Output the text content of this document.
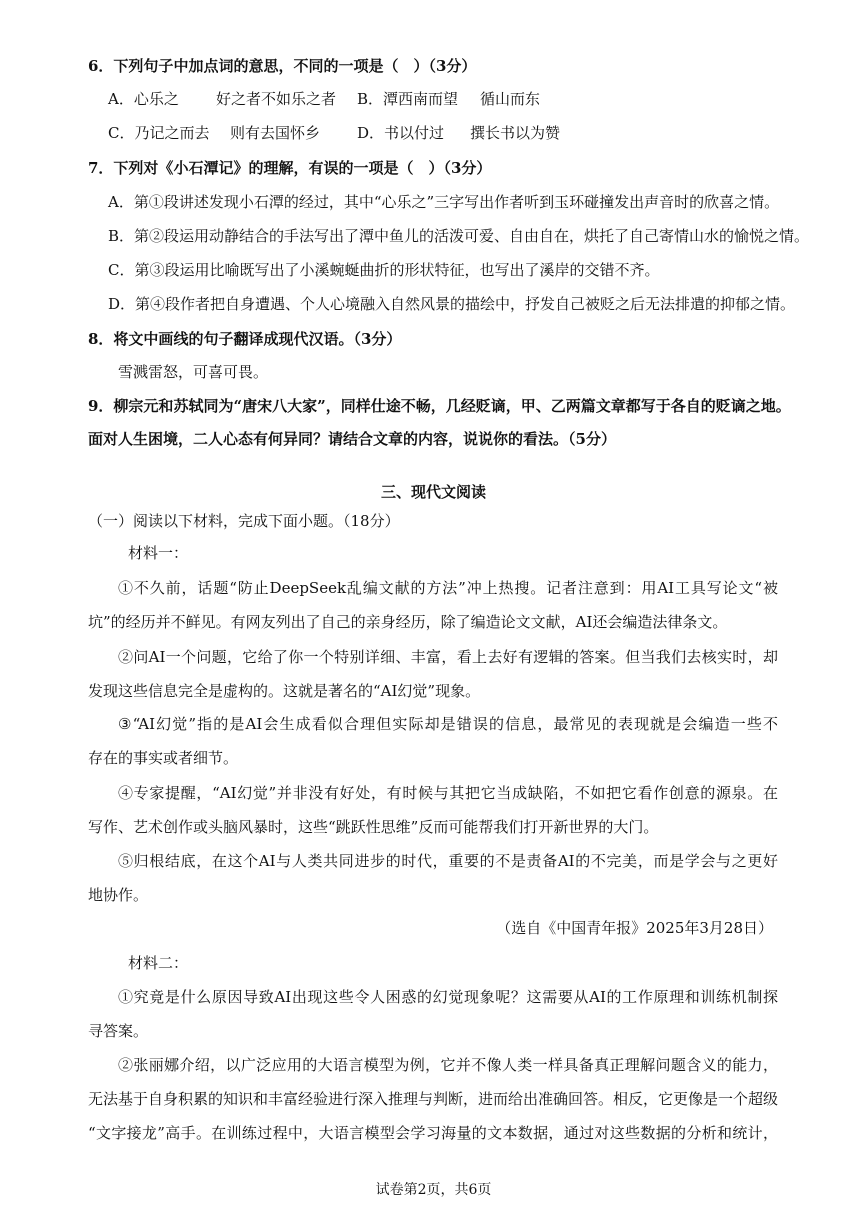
6．下列句子中加点词的意思，不同的一项是（　）（3分）
A．心乐之 好之者不如乐之者 B．潭西南而望 循山而东
C．乃记之而去 则有去国怀乡 D．书以付过 撰长书以为赞
7．下列对《小石潭记》的理解，有误的一项是（　）（3分）
A．第①段讲述发现小石潭的经过，其中“心乐之”三字写出作者听到玉环碰撞发出声音时的欣喜之情。
B．第②段运用动静结合的手法写出了潭中鱼儿的活泼可爱、自由自在，烘托了自己寄情山水的愉悦之情。
C．第③段运用比喻既写出了小溪蜿蜒曲折的形状特征，也写出了溪岸的交错不齐。
D．第④段作者把自身遭遇、个人心境融入自然风景的描绘中，抒发自己被贬之后无法排遣的抑郁之情。
8．将文中画线的句子翻译成现代汉语。（3分）
雪溅雷怒，可喜可畏。
9．柳宗元和苏轼同为“唐宋八大家”，同样仕途不畅，几经贬谪，甲、乙两篇文章都写于各自的贬谪之地。
面对人生困境，二人心态有何异同？请结合文章的内容，说说你的看法。（5分）
三、现代文阅读
（一）阅读以下材料，完成下面小题。（18分）
材料一：
①不久前，话题“防止DeepSeek乱编文献的方法”冲上热搜。记者注意到：用AI工具写论文“被
坑”的经历并不鲜见。有网友列出了自己的亲身经历，除了编造论文文献，AI还会编造法律条文。
②问AI一个问题，它给了你一个特别详细、丰富，看上去好有逻辑的答案。但当我们去核实时，却
发现这些信息完全是虚构的。这就是著名的“AI幻觉”现象。
③“AI幻觉”指的是AI会生成看似合理但实际却是错误的信息，最常见的表现就是会编造一些不
存在的事实或者细节。
④专家提醒，“AI幻觉”并非没有好处，有时候与其把它当成缺陷，不如把它看作创意的源泉。在
写作、艺术创作或头脑风暴时，这些“跳跃性思维”反而可能帮我们打开新世界的大门。
⑤归根结底，在这个AI与人类共同进步的时代，重要的不是责备AI的不完美，而是学会与之更好
地协作。
（选自《中国青年报》2025年3月28日）
材料二：
①究竟是什么原因导致AI出现这些令人困惑的幻觉现象呢？这需要从AI的工作原理和训练机制探
寻答案。
②张丽娜介绍，以广泛应用的大语言模型为例，它并不像人类一样具备真正理解问题含义的能力，
无法基于自身积累的知识和丰富经验进行深入推理与判断，进而给出准确回答。相反，它更像是一个超级
“文字接龙”高手。在训练过程中，大语言模型会学习海量的文本数据，通过对这些数据的分析和统计，
试卷第2页，共6页
